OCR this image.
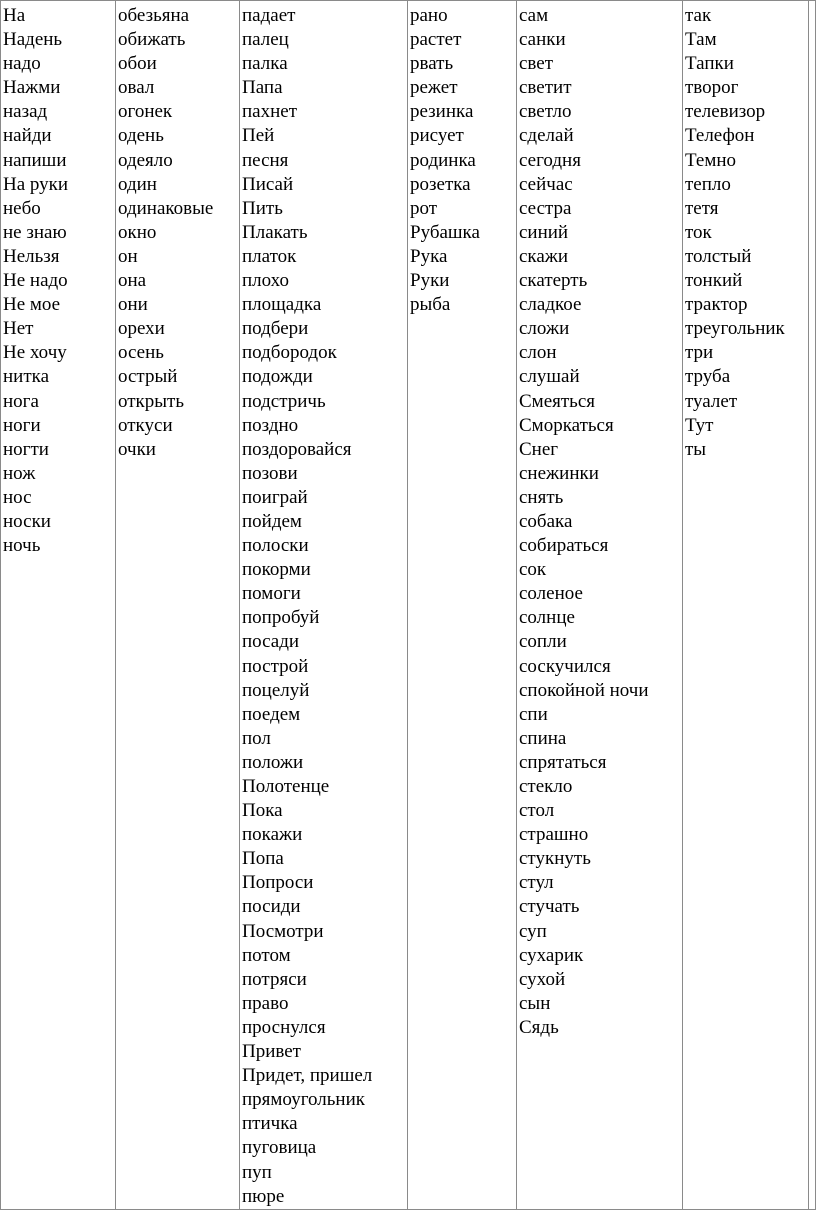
На
Надень
надо
Нажми
назад
найди
напиши
На руки
небо
не знаю
Нельзя
Не надо
Не мое
Нет
Не хочу
нитка
нога
ноги
ногти
нож
нос
носки
ночь

обезьяна
обижать
обои
овал
огонек
одень
одеяло
один
одинаковые
окно
он
она
они
орехи
осень
острый
открыть
откуси
очки

падает
палец
палка
Папа
пахнет
Пей
песня
Писай
Пить
Плакать
платок
плохо
площадка
подбери
подбородок
подожди
подстричь
поздно
поздоровайся
позови
поиграй
пойдем
полоски
покорми
помоги
попробуй
посади
построй
поцелуй
поедем
пол
положи
Полотенце
Пока
покажи
Попа
Попроси
посиди
Посмотри
потом
потряси
право
проснулся
Привет
Придет, пришел
прямоугольник
птичка
пуговица
пуп
пюре

рано
растет
рвать
режет
резинка
рисует
родинка
розетка
рот
Рубашка
Рука
Руки
рыба

сам
санки
свет
светит
светло
сделай
сегодня
сейчас
сестра
синий
скажи
скатерть
сладкое
сложи
слон
слушай
Смеяться
Сморкаться
Снег
снежинки
снять
собака
собираться
сок
соленое
солнце
сопли
соскучился
спокойной ночи
спи
спина
спрятаться
стекло
стол
страшно
стукнуть
стул
стучать
суп
сухарик
сухой
сын
Сядь

так
Там
Тапки
творог
телевизор
Телефон
Темно
тепло
тетя
ток
толстый
тонкий
трактор
треугольник
три
труба
туалет
Тут
ты
